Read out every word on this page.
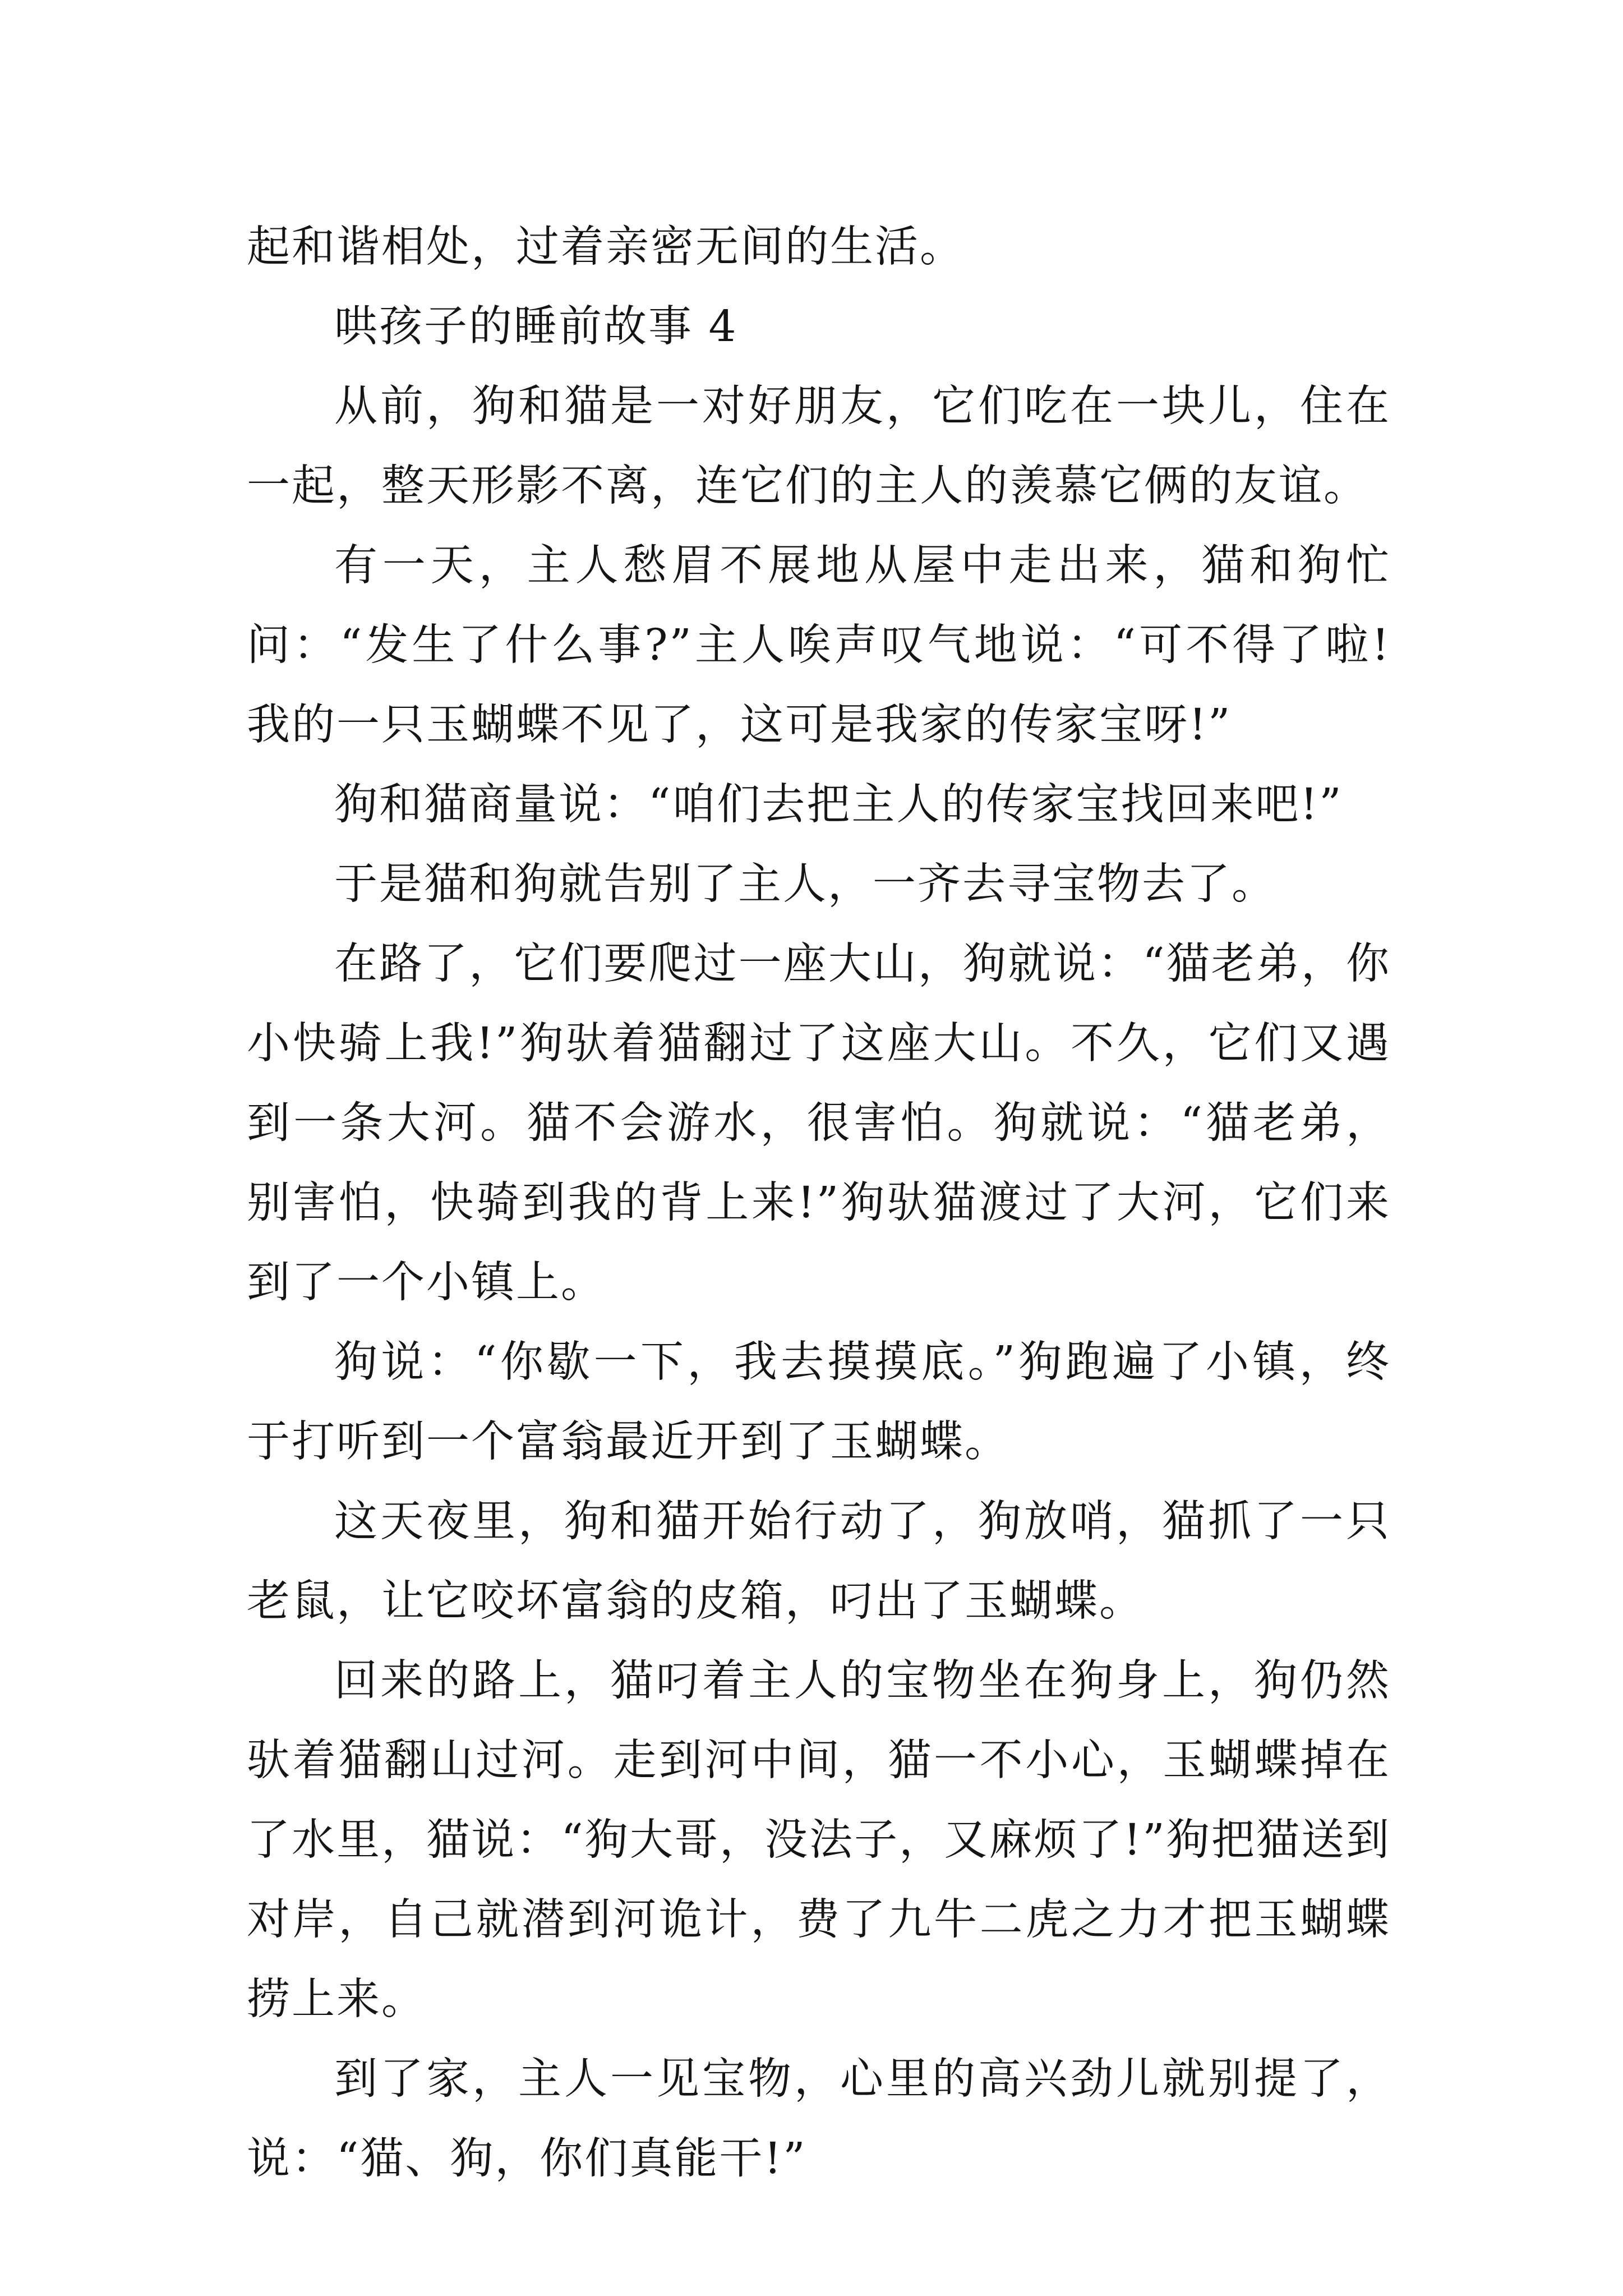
起和谐相处，过着亲密无间的生活。

哄孩子的睡前故事 4

从前，狗和猫是一对好朋友，它们吃在一块儿，住在一起，整天形影不离，连它们的主人的羡慕它俩的友谊。

有一天，主人愁眉不展地从屋中走出来，猫和狗忙问：“发生了什么事?”主人唉声叹气地说：“可不得了啦!我的一只玉蝴蝶不见了，这可是我家的传家宝呀!”

狗和猫商量说：“咱们去把主人的传家宝找回来吧!”

于是猫和狗就告别了主人，一齐去寻宝物去了。

在路了，它们要爬过一座大山，狗就说：“猫老弟，你小快骑上我!”狗驮着猫翻过了这座大山。不久，它们又遇到一条大河。猫不会游水，很害怕。狗就说：“猫老弟，别害怕，快骑到我的背上来!”狗驮猫渡过了大河，它们来到了一个小镇上。

狗说：“你歇一下，我去摸摸底。”狗跑遍了小镇，终于打听到一个富翁最近开到了玉蝴蝶。

这天夜里，狗和猫开始行动了，狗放哨，猫抓了一只老鼠，让它咬坏富翁的皮箱，叼出了玉蝴蝶。

回来的路上，猫叼着主人的宝物坐在狗身上，狗仍然驮着猫翻山过河。走到河中间，猫一不小心，玉蝴蝶掉在了水里，猫说：“狗大哥，没法子，又麻烦了!”狗把猫送到对岸，自己就潜到河诡计，费了九牛二虎之力才把玉蝴蝶捞上来。

到了家，主人一见宝物，心里的高兴劲儿就别提了，说：“猫、狗，你们真能干!”
